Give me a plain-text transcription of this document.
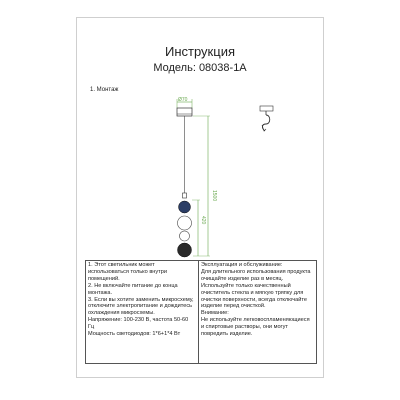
Инструкция
Модель: 08038-1A
1. Монтаж
Ø70
1500
420

1. Этот светильник может использоваться только внутри помещений.

2. Не включайте питание до конца монтажа.

3. Если вы хотите заменить микросхему, отключите электропитание и дождитесь охлаждения микросхемы.

Напряжение: 100-230 В, частота 50-60 Гц

Мощность светодиодов: 1*6+1*4 Вт

Эксплуатация и обслуживание:

Для длительного использования продукта очищайте изделие раз в месяц.

Используйте только качественный очиститель стекла и мягкую тряпку для очистки поверхности, всегда отключайте изделие перед очисткой.

Внимание:

Не используйте легковоспламеняющиеся и спиртовые растворы, они могут повредить изделие.
